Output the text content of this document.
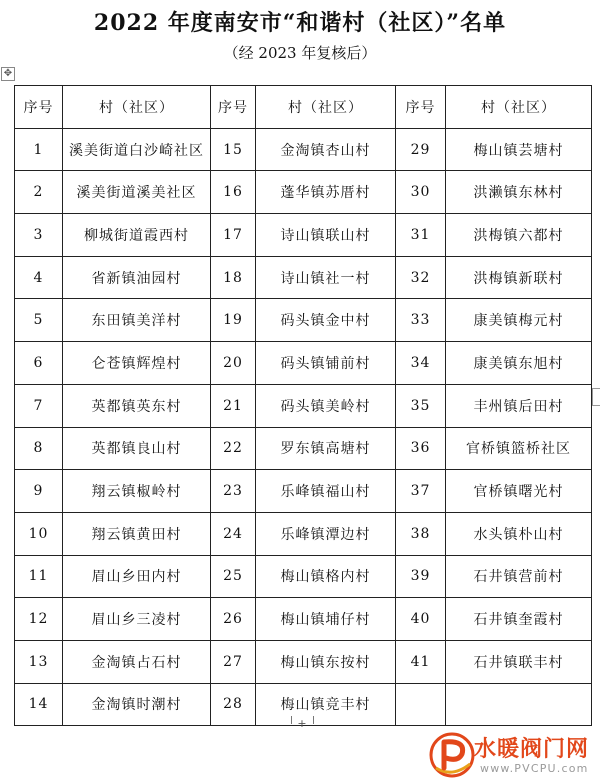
2022 年度南安市“和谐村（社区）”名单
（经 2023 年复核后）
✥
序号	村（社区）	序号	村（社区）	序号	村（社区）
1	溪美街道白沙崎社区	15	金淘镇杏山村	29	梅山镇芸塘村
2	溪美街道溪美社区	16	蓬华镇苏厝村	30	洪濑镇东林村
3	柳城街道霞西村	17	诗山镇联山村	31	洪梅镇六都村
4	省新镇油园村	18	诗山镇社一村	32	洪梅镇新联村
5	东田镇美洋村	19	码头镇金中村	33	康美镇梅元村
6	仑苍镇辉煌村	20	码头镇铺前村	34	康美镇东旭村
7	英都镇英东村	21	码头镇美岭村	35	丰州镇后田村
8	英都镇良山村	22	罗东镇高塘村	36	官桥镇篮桥社区
9	翔云镇椒岭村	23	乐峰镇福山村	37	官桥镇曙光村
10	翔云镇黄田村	24	乐峰镇潭边村	38	水头镇朴山村
11	眉山乡田内村	25	梅山镇格内村	39	石井镇营前村
12	眉山乡三凌村	26	梅山镇埔仔村	40	石井镇奎霞村
13	金淘镇占石村	27	梅山镇东按村	41	石井镇联丰村
14	金淘镇时潮村	28	梅山镇竞丰村		
+
水暖阀门网
www.PVCPU.com
